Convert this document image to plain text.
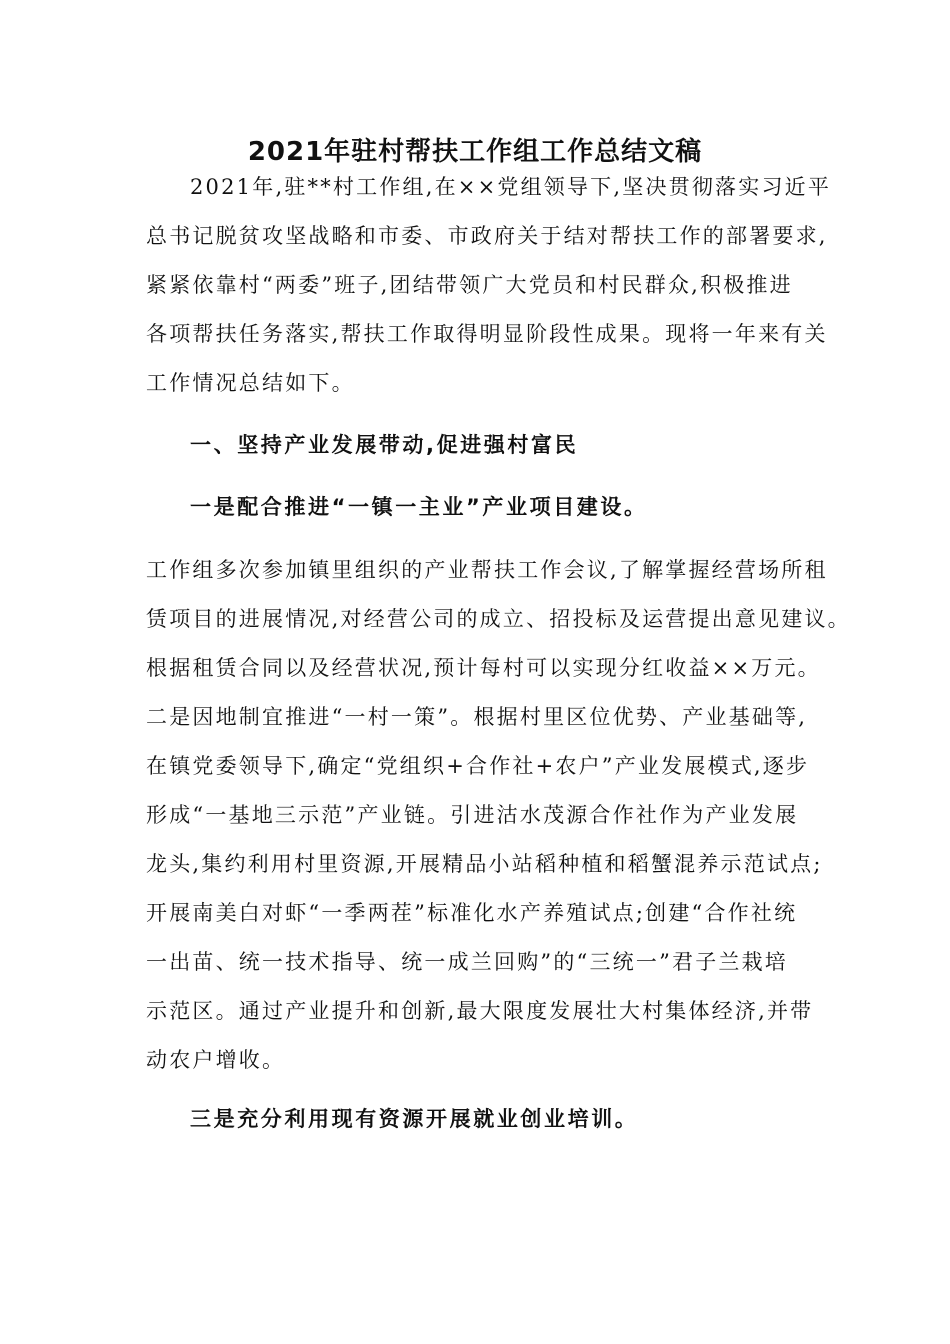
2021年驻村帮扶工作组工作总结文稿

2021年,驻**村工作组,在××党组领导下,坚决贯彻落实习近平

总书记脱贫攻坚战略和市委、市政府关于结对帮扶工作的部署要求,

紧紧依靠村“两委”班子,团结带领广大党员和村民群众,积极推进

各项帮扶任务落实,帮扶工作取得明显阶段性成果。现将一年来有关

工作情况总结如下。

一、坚持产业发展带动,促进强村富民

一是配合推进“一镇一主业”产业项目建设。

工作组多次参加镇里组织的产业帮扶工作会议,了解掌握经营场所租

赁项目的进展情况,对经营公司的成立、招投标及运营提出意见建议。

根据租赁合同以及经营状况,预计每村可以实现分红收益××万元。

二是因地制宜推进“一村一策”。根据村里区位优势、产业基础等,

在镇党委领导下,确定“党组织+合作社+农户”产业发展模式,逐步

形成“一基地三示范”产业链。引进沽水茂源合作社作为产业发展

龙头,集约利用村里资源,开展精品小站稻种植和稻蟹混养示范试点;

开展南美白对虾“一季两茬”标准化水产养殖试点;创建“合作社统

一出苗、统一技术指导、统一成兰回购”的“三统一”君子兰栽培

示范区。通过产业提升和创新,最大限度发展壮大村集体经济,并带

动农户增收。

三是充分利用现有资源开展就业创业培训。
